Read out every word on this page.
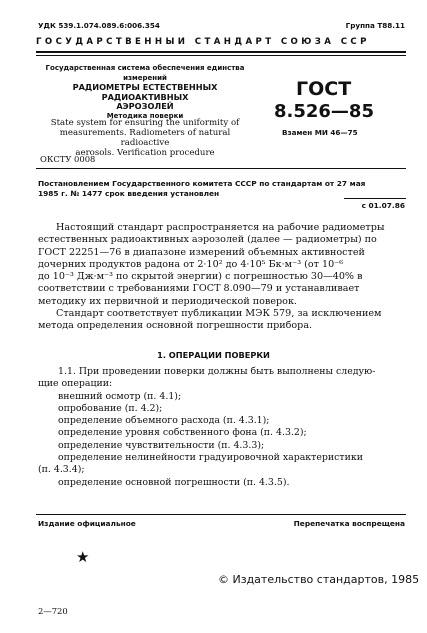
УДК 539.1.074.089.6:006.354	Группа Т88.11
ГОСУДАРСТВЕННЫЙ СТАНДАРТ СОЮЗА ССР
Государственная система обеспечения единства
измерений
РАДИОМЕТРЫ ЕСТЕСТВЕННЫХ РАДИОАКТИВНЫХ
АЭРОЗОЛЕЙ
Методика поверки
State system for ensuring the uniformity of
measurements. Radiometers of natural radioactive
aerosols. Verification procedure
ГОСТ
8.526—85
Взамен МИ 46—75
ОКСТУ 0008
Постановлением Государственного комитета СССР по стандартам от 27 мая
1985 г. № 1477 срок введения установлен
с 01.07.86
Настоящий стандарт распространяется на рабочие радиометры
естественных радиоактивных аэрозолей (далее — радиометры) по
ГОСТ 22251—76 в диапазоне измерений объемных активностей
дочерних продуктов радона от 2·10² до 4·10⁵ Бк·м⁻³ (от 10⁻⁶
до 10⁻³ Дж·м⁻³ по скрытой энергии) с погрешностью 30—40% в
соответствии с требованиями ГОСТ 8.090—79 и устанавливает
методику их первичной и периодической поверок.
Стандарт соответствует публикации МЭК 579, за исключением
метода определения основной погрешности прибора.
1. ОПЕРАЦИИ ПОВЕРКИ
1.1. При проведении поверки должны быть выполнены следую-
щие операции:
внешний осмотр (п. 4.1);
опробование (п. 4.2);
определение объемного расхода (п. 4.3.1);
определение уровня собственного фона (п. 4.3.2);
определение чувствительности (п. 4.3.3);
определение нелинейности градуировочной характеристики
(п. 4.3.4);
определение основной погрешности (п. 4.3.5).
Издание официальное	Перепечатка воспрещена
★
© Издательство стандартов, 1985
2—720
